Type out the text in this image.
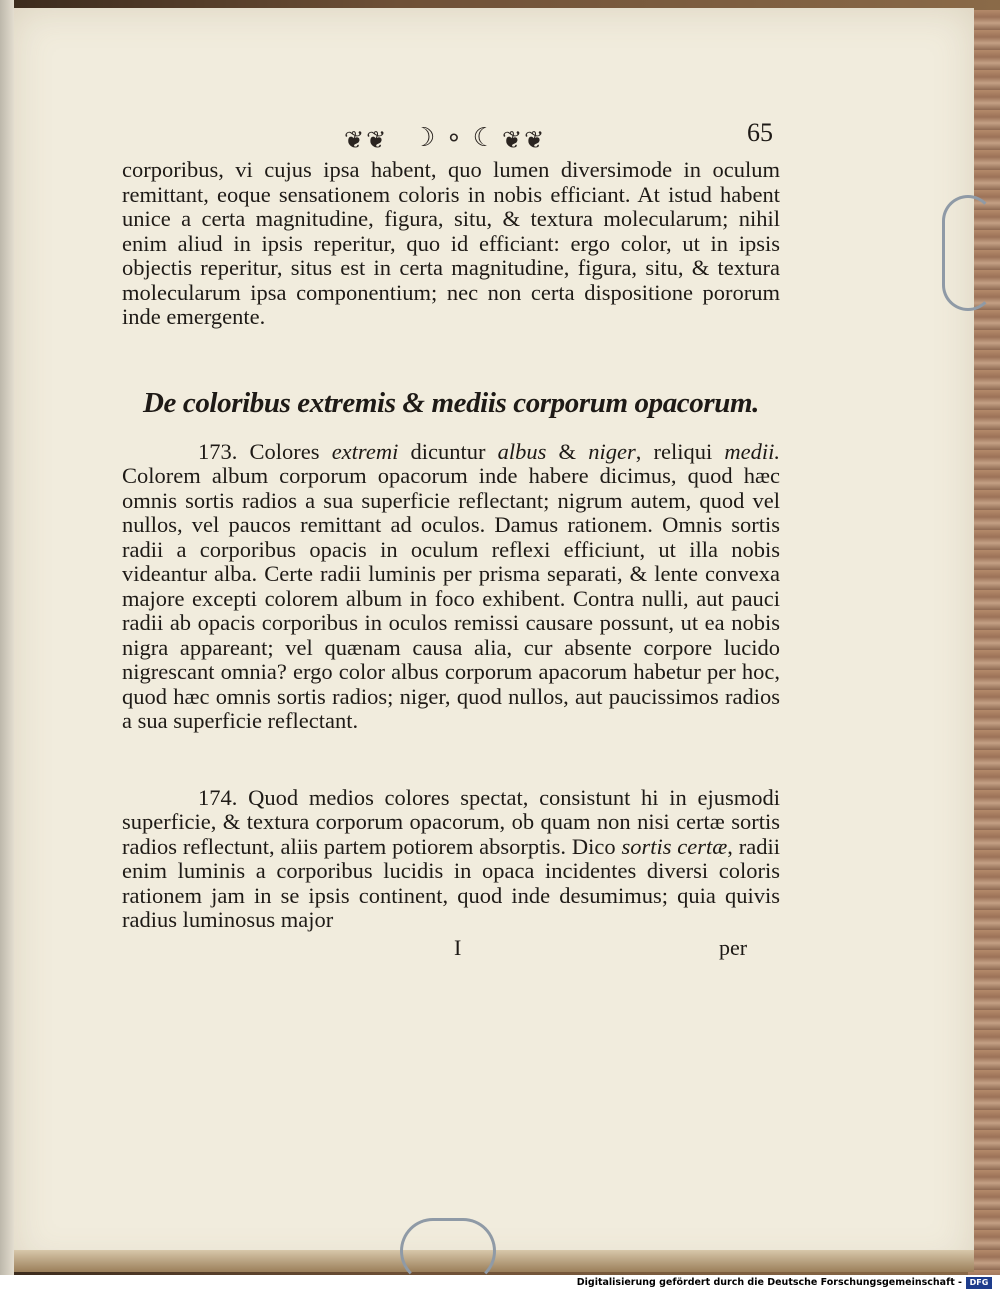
❦❦ ☽ ∘ ☾ ❦❦	65

corporibus, vi cujus ipsa habent, quo lumen diversimode in oculum remittant, eoque sensationem coloris in nobis efficiant. At istud habent unice a certa magnitudine, figura, situ, & textura molecularum; nihil enim aliud in ipsis reperitur, quo id efficiant: ergo color, ut in ipsis objectis reperitur, situs est in certa magnitudine, figura, situ, & textura molecularum ipsa componentium; nec non certa dispositione pororum inde emergente.

De coloribus extremis & mediis corporum opacorum.

173. Colores extremi dicuntur albus & niger, reliqui medii. Colorem album corporum opacorum inde habere dicimus, quod hæc omnis sortis radios a sua superficie reflectant; nigrum autem, quod vel nullos, vel paucos remittant ad oculos. Damus rationem. Omnis sortis radii a corporibus opacis in oculum reflexi efficiunt, ut illa nobis videantur alba. Certe radii luminis per prisma separati, & lente convexa majore excepti colorem album in foco exhibent. Contra nulli, aut pauci radii ab opacis corporibus in oculos remissi causare possunt, ut ea nobis nigra appareant; vel quænam causa alia, cur absente corpore lucido nigrescant omnia? ergo color albus corporum apacorum habetur per hoc, quod hæc omnis sortis radios; niger, quod nullos, aut paucissimos radios a sua superficie reflectant.

174. Quod medios colores spectat, consistunt hi in ejusmodi superficie, & textura corporum opacorum, ob quam non nisi certæ sortis radios reflectunt, aliis partem potiorem absorptis. Dico sortis certæ, radii enim luminis a corporibus lucidis in opaca incidentes diversi coloris rationem jam in se ipsis continent, quod inde desumimus; quia quivis radius luminosus major

I	per
Digitalisierung gefördert durch die Deutsche Forschungsgemeinschaft - DFG
